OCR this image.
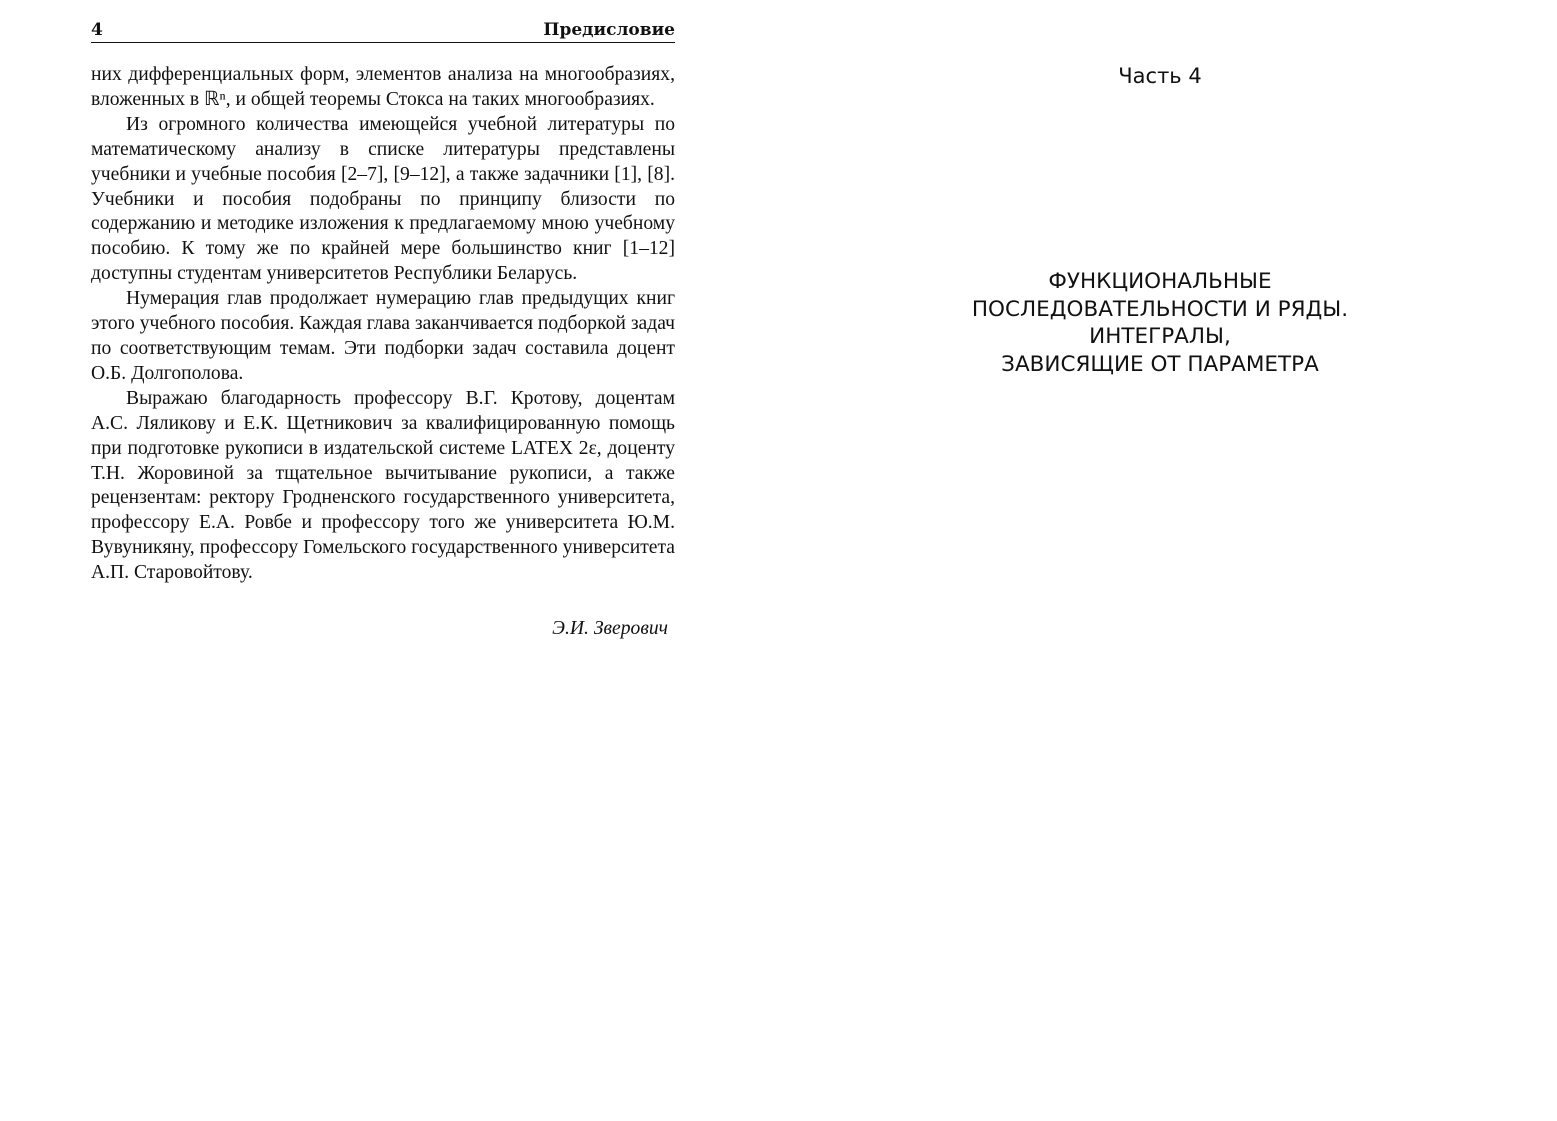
4	Предисловие

них дифференциальных форм, элементов анализа на многообразиях, вложенных в ℝⁿ, и общей теоремы Стокса на таких многообразиях.

Из огромного количества имеющейся учебной литературы по математическому анализу в списке литературы представлены учебники и учебные пособия [2–7], [9–12], а также задачники [1], [8]. Учебники и пособия подобраны по принципу близости по содержанию и методике изложения к предлагаемому мною учебному пособию. К тому же по крайней мере большинство книг [1–12] доступны студентам университетов Республики Беларусь.

Нумерация глав продолжает нумерацию глав предыдущих книг этого учебного пособия. Каждая глава заканчивается подборкой задач по соответствующим темам. Эти подборки задач составила доцент О.Б. Долгополова.

Выражаю благодарность профессору В.Г. Кротову, доцентам А.С. Ляликову и Е.К. Щетникович за квалифицированную помощь при подготовке рукописи в издательской системе LATEX 2ε, доценту Т.Н. Жоровиной за тщательное вычитывание рукописи, а также рецензентам: ректору Гродненского государственного университета, профессору Е.А. Ровбе и профессору того же университета Ю.М. Вувуникяну, профессору Гомельского государственного университета А.П. Старовойтову.

Э.И. Зверович
Часть 4
ФУНКЦИОНАЛЬНЫЕ
ПОСЛЕДОВАТЕЛЬНОСТИ И РЯДЫ.
ИНТЕГРАЛЫ,
ЗАВИСЯЩИЕ ОТ ПАРАМЕТРА
